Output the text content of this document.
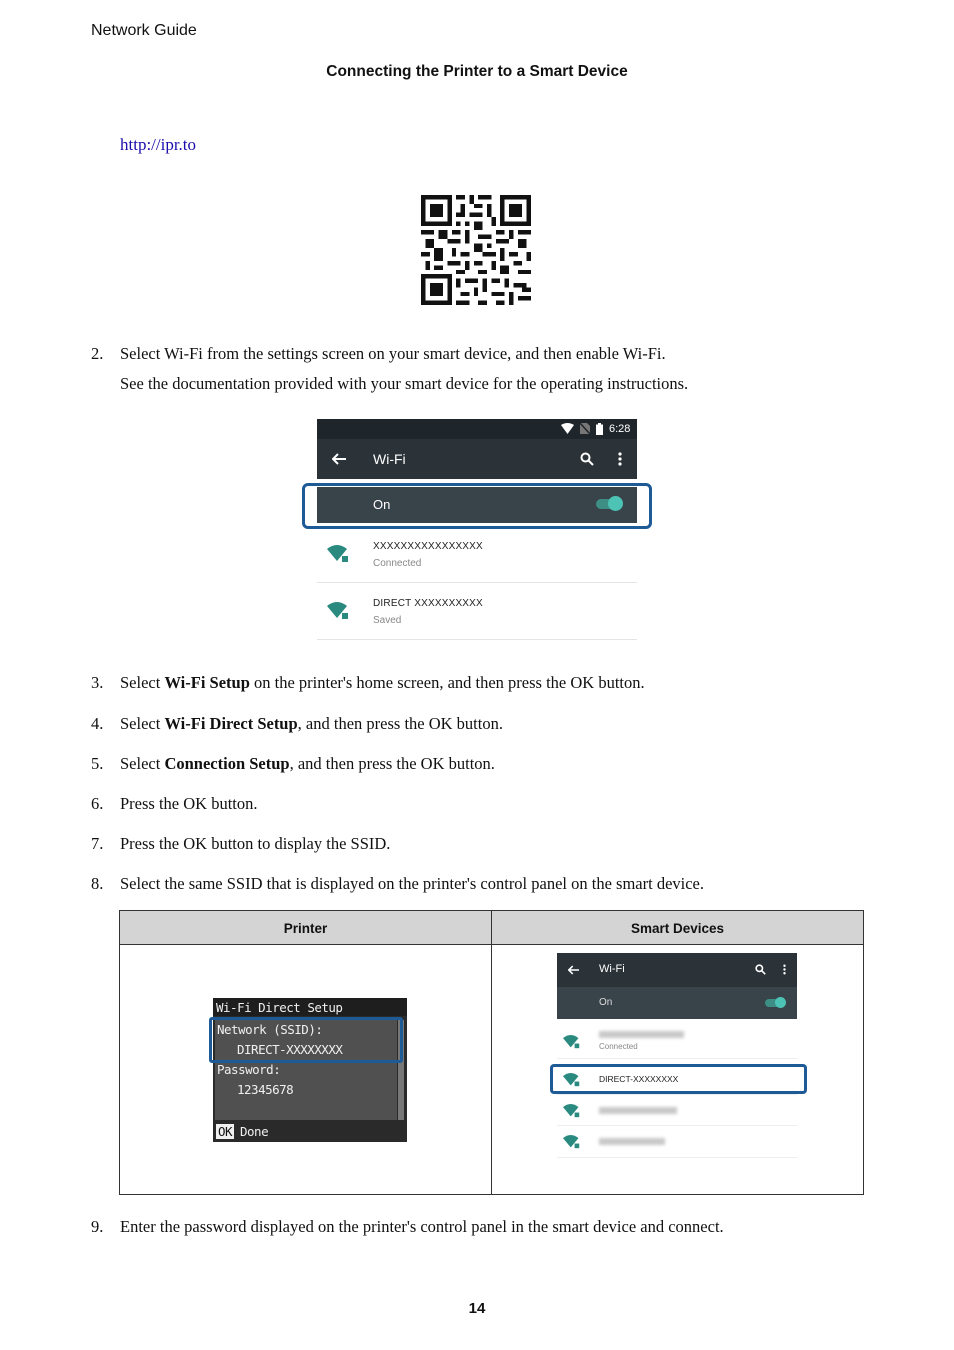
Network Guide
Connecting the Printer to a Smart Device
http://ipr.to
2. Select Wi-Fi from the settings screen on your smart device, and then enable Wi-Fi.
See the documentation provided with your smart device for the operating instructions.
6:28
Wi-Fi
On
XXXXXXXXXXXXXXXX
Connected
DIRECT XXXXXXXXXX
Saved
3. Select Wi-Fi Setup on the printer's home screen, and then press the OK button.
4. Select Wi-Fi Direct Setup, and then press the OK button.
5. Select Connection Setup, and then press the OK button.
6. Press the OK button.
7. Press the OK button to display the SSID.
8. Select the same SSID that is displayed on the printer's control panel on the smart device.
Printer	Smart Devices
Wi-Fi Direct Setup
Network (SSID):
DIRECT-XXXXXXXX
Password:
12345678
OK Done
Wi-Fi
On
Connected
DIRECT-XXXXXXXX
9. Enter the password displayed on the printer's control panel in the smart device and connect.
14
